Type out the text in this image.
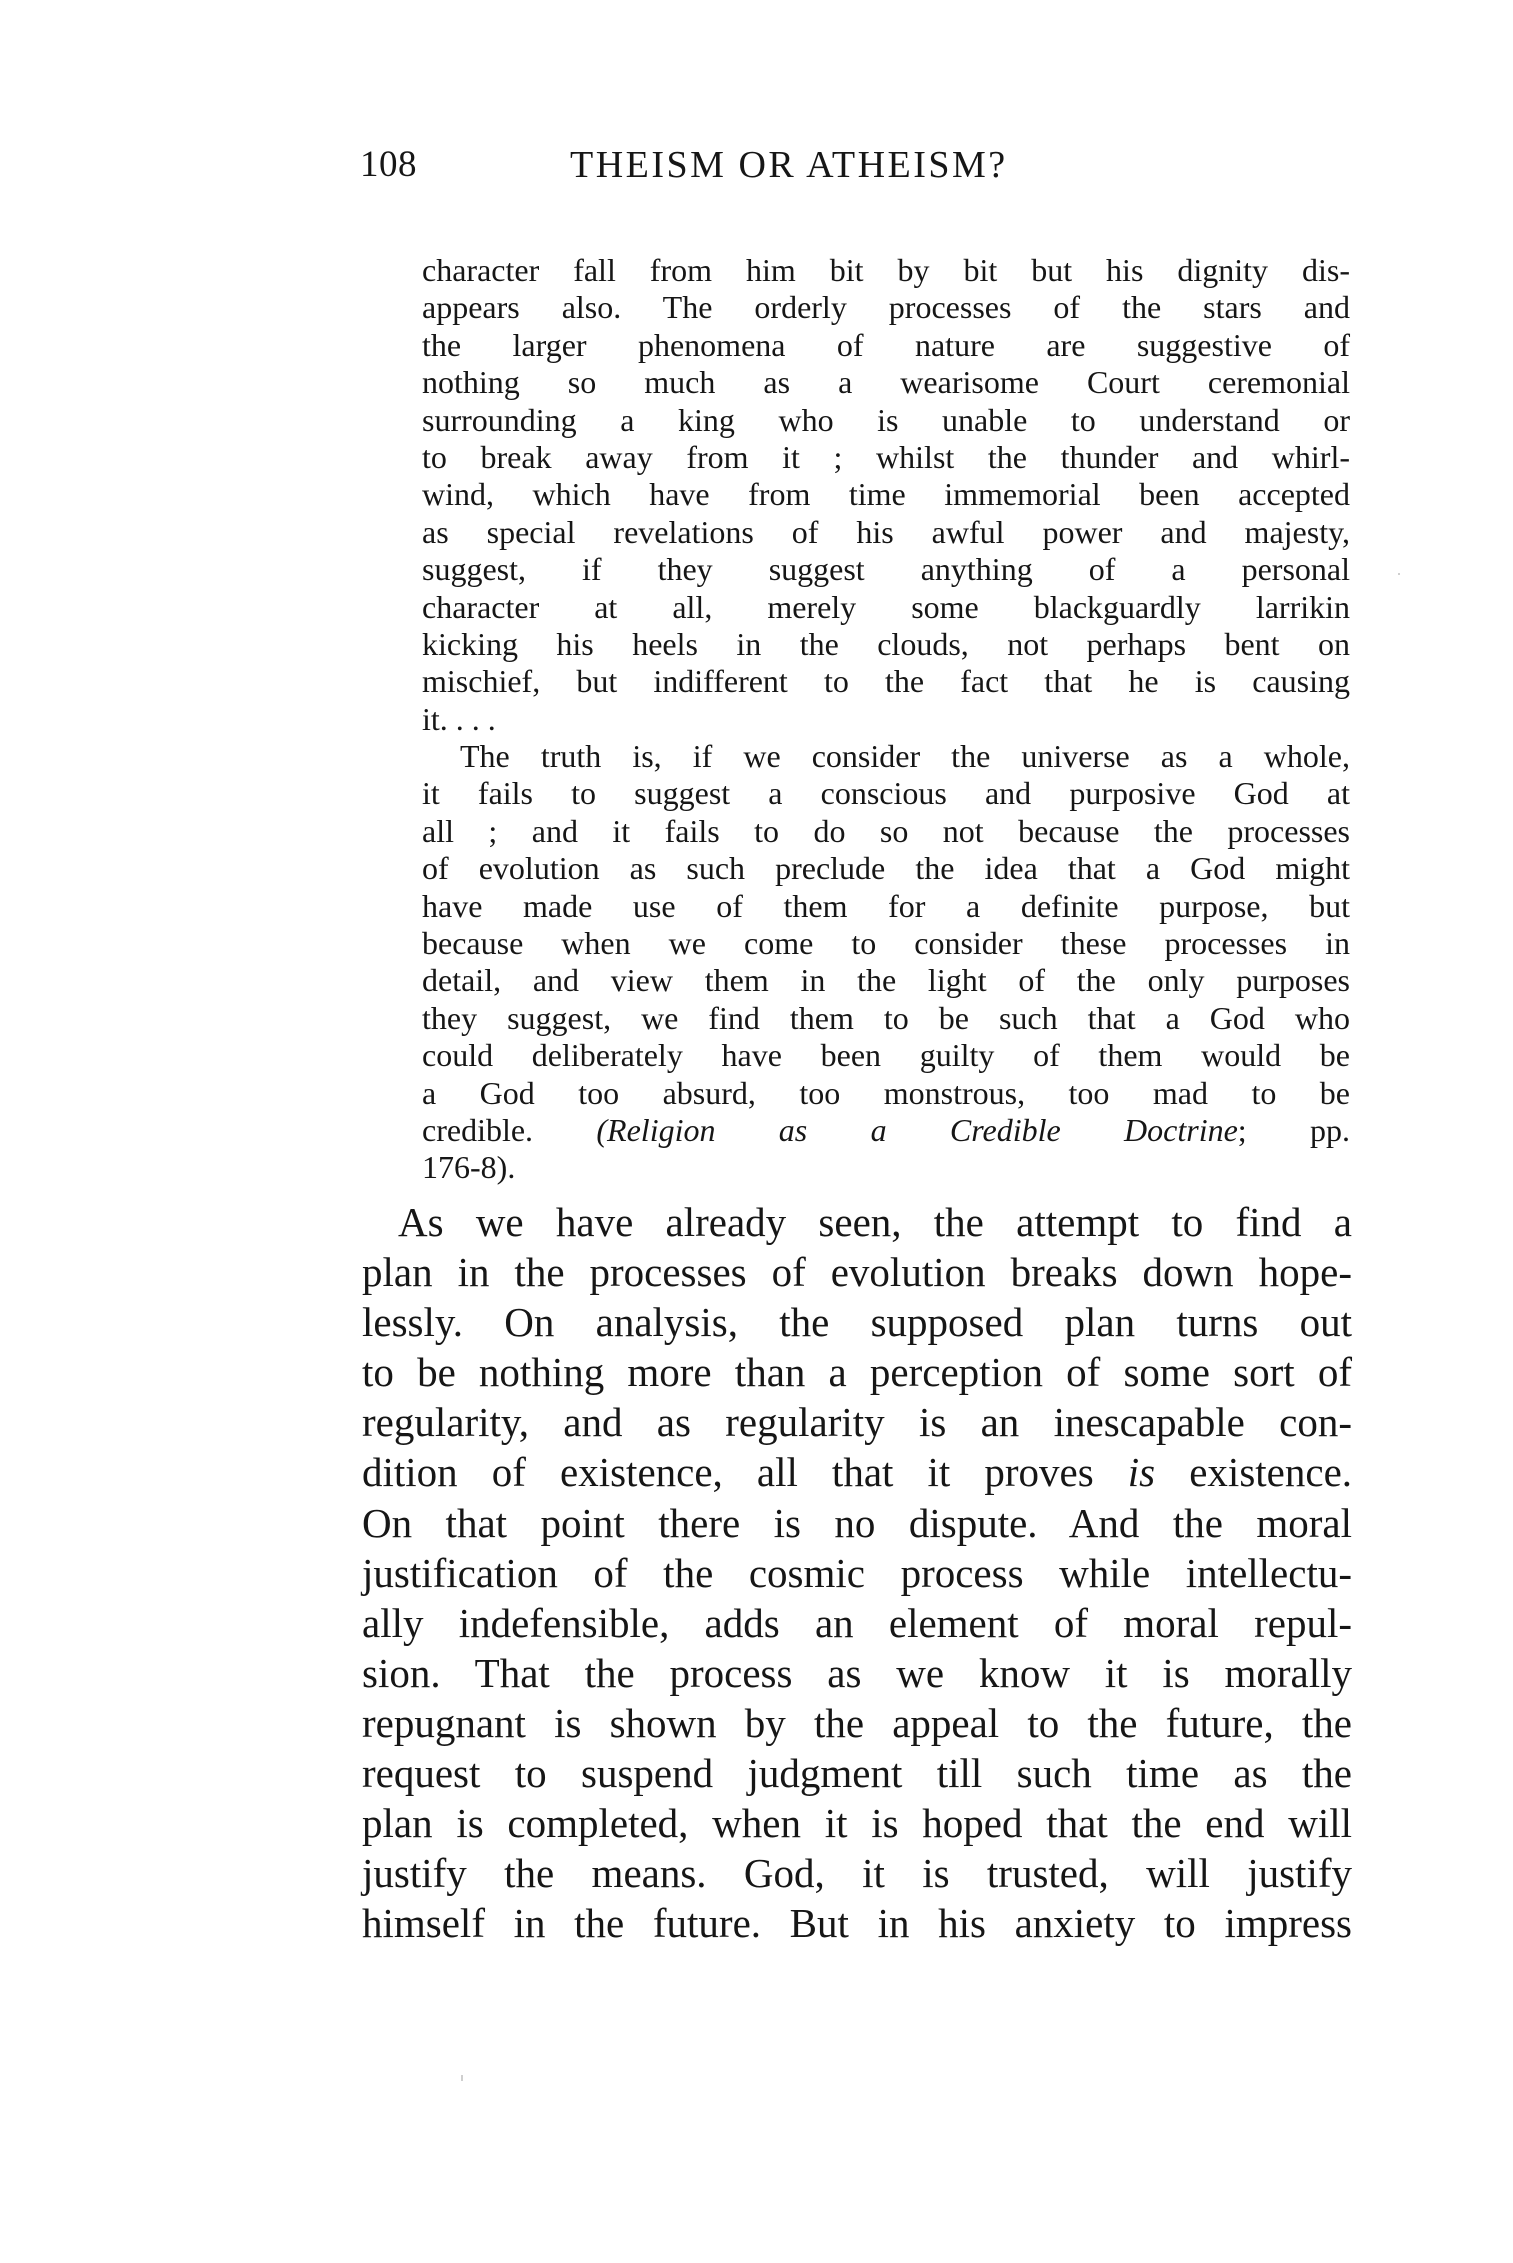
108	THEISM OR ATHEISM?
character fall from him bit by bit but his dignity dis-
appears also. The orderly processes of the stars and
the larger phenomena of nature are suggestive of
nothing so much as a wearisome Court ceremonial
surrounding a king who is unable to understand or
to break away from it ; whilst the thunder and whirl-
wind, which have from time immemorial been accepted
as special revelations of his awful power and majesty,
suggest, if they suggest anything of a personal
character at all, merely some blackguardly larrikin
kicking his heels in the clouds, not perhaps bent on
mischief, but indifferent to the fact that he is causing
it. . . .
The truth is, if we consider the universe as a whole,
it fails to suggest a conscious and purposive God at
all ; and it fails to do so not because the processes
of evolution as such preclude the idea that a God might
have made use of them for a definite purpose, but
because when we come to consider these processes in
detail, and view them in the light of the only purposes
they suggest, we find them to be such that a God who
could deliberately have been guilty of them would be
a God too absurd, too monstrous, too mad to be
credible. (Religion as a Credible Doctrine; pp.
176-8).
As we have already seen, the attempt to find a
plan in the processes of evolution breaks down hope-
lessly. On analysis, the supposed plan turns out
to be nothing more than a perception of some sort of
regularity, and as regularity is an inescapable con-
dition of existence, all that it proves is existence.
On that point there is no dispute. And the moral
justification of the cosmic process while intellectu-
ally indefensible, adds an element of moral repul-
sion. That the process as we know it is morally
repugnant is shown by the appeal to the future, the
request to suspend judgment till such time as the
plan is completed, when it is hoped that the end will
justify the means. God, it is trusted, will justify
himself in the future. But in his anxiety to impress
